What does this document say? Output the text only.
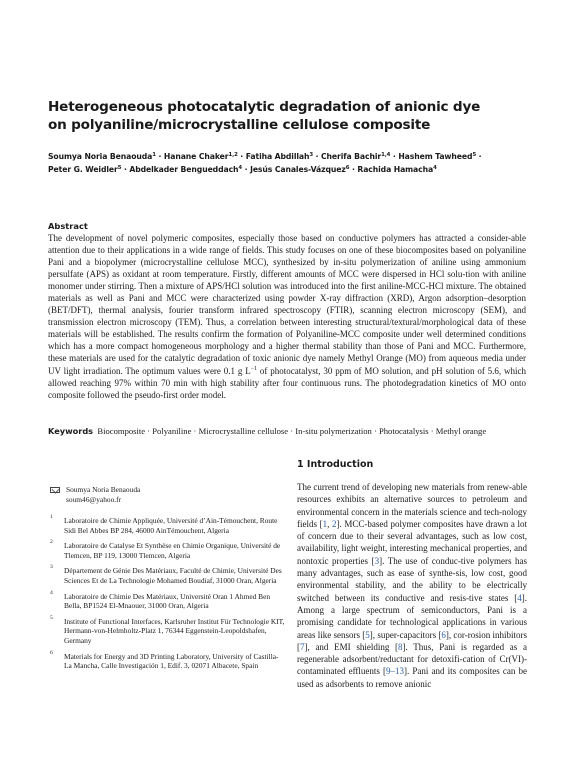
Heterogeneous photocatalytic degradation of anionic dye
on polyaniline/microcrystalline cellulose composite
Soumya Noria Benaouda$^1$ · Hanane Chaker$^{1,2}$ · Fatiha Abdillah$^3$ · Cherifa Bachir$^{1,4}$ · Hashem Tawheed$^5$ ·
Peter G. Weidler$^5$ · Abdelkader Bengueddach$^4$ · Jesús Canales-Vázquez$^6$ · Rachida Hamacha$^4$
Abstract
The development of novel polymeric composites, especially those based on conductive polymers has attracted a consider-able attention due to their applications in a wide range of fields. This study focuses on one of these biocomposites based on polyaniline Pani and a biopolymer (microcrystalline cellulose MCC), synthesized by in-situ polymerization of aniline using ammonium persulfate (APS) as oxidant at room temperature. Firstly, different amounts of MCC were dispersed in HCl solu-tion with aniline monomer under stirring. Then a mixture of APS/HCl solution was introduced into the first aniline-MCC-HCl mixture. The obtained materials as well as Pani and MCC were characterized using powder X-ray diffraction (XRD), Argon adsorption–desorption (BET/DFT), thermal analysis, fourier transform infrared spectroscopy (FTIR), scanning electron microscopy (SEM), and transmission electron microscopy (TEM). Thus, a correlation between interesting structural/textural/morphological data of these materials will be established. The results confirm the formation of Polyaniline-MCC composite under well determined conditions which has a more compact homogeneous morphology and a higher thermal stability than those of Pani and MCC. Furthermore, these materials are used for the catalytic degradation of toxic anionic dye namely Methyl Orange (MO) from aqueous media under UV light irradiation. The optimum values were 0.1 g $L^{-1}$ of photocatalyst, 30 ppm of MO solution, and pH solution of 5.6, which allowed reaching 97% within 70 min with high stability after four continuous runs. The photodegradation kinetics of MO onto composite followed the pseudo-first order model.
Keywords Biocomposite · Polyaniline · Microcrystalline cellulose · In-situ polymerization · Photocatalysis · Methyl orange
1 Introduction
The current trend of developing new materials from renew-able resources exhibits an alternative sources to petroleum and environmental concern in the materials science and tech-nology fields [1, 2]. MCC-based polymer composites have drawn a lot of concern due to their several advantages, such as low cost, availability, light weight, interesting mechanical properties, and nontoxic properties [3]. The use of conduc-tive polymers has many advantages, such as ease of synthe-sis, low cost, good environmental stability, and the ability to be electrically switched between its conductive and resis-tive states [4]. Among a large spectrum of semiconductors, Pani is a promising candidate for technological applications in various areas like sensors [5], super-capacitors [6], cor-rosion inhibitors [7], and EMI shielding [8]. Thus, Pani is regarded as a regenerable adsorbent/reductant for detoxifi-cation of Cr(VI)-contaminated effluents [9–13]. Pani and its composites can be used as adsorbents to remove anionic
Soumya Noria Benaouda
soum46@yahoo.fr
1 Laboratoire de Chimie Appliquée, Université d’Ain-Témouchent, Route Sidi Bel Abbes BP 284, 46000 AinTémouchent, Algeria
2 Laboratoire de Catalyse Et Synthèse en Chimie Organique, Université de Tlemcen, BP 119, 13000 Tlemcen, Algeria
3 Département de Génie Des Matériaux, Faculté de Chimie, Université Des Sciences Et de La Technologie Mohamed Boudiaf, 31000 Oran, Algeria
4 Laboratoire de Chimie Des Matériaux, Université Oran 1 Ahmed Ben Bella, BP1524 El-Mnaouer, 31000 Oran, Algeria
5 Institute of Functional Interfaces, Karlsruher Institut Für Technologie KIT, Hermann-von-Helmholtz-Platz 1, 76344 Eggenstein-Leopoldshafen, Germany
6 Materials for Energy and 3D Printing Laboratory, University of Castilla-La Mancha, Calle Investigación 1, Edif. 3, 02071 Albacete, Spain
